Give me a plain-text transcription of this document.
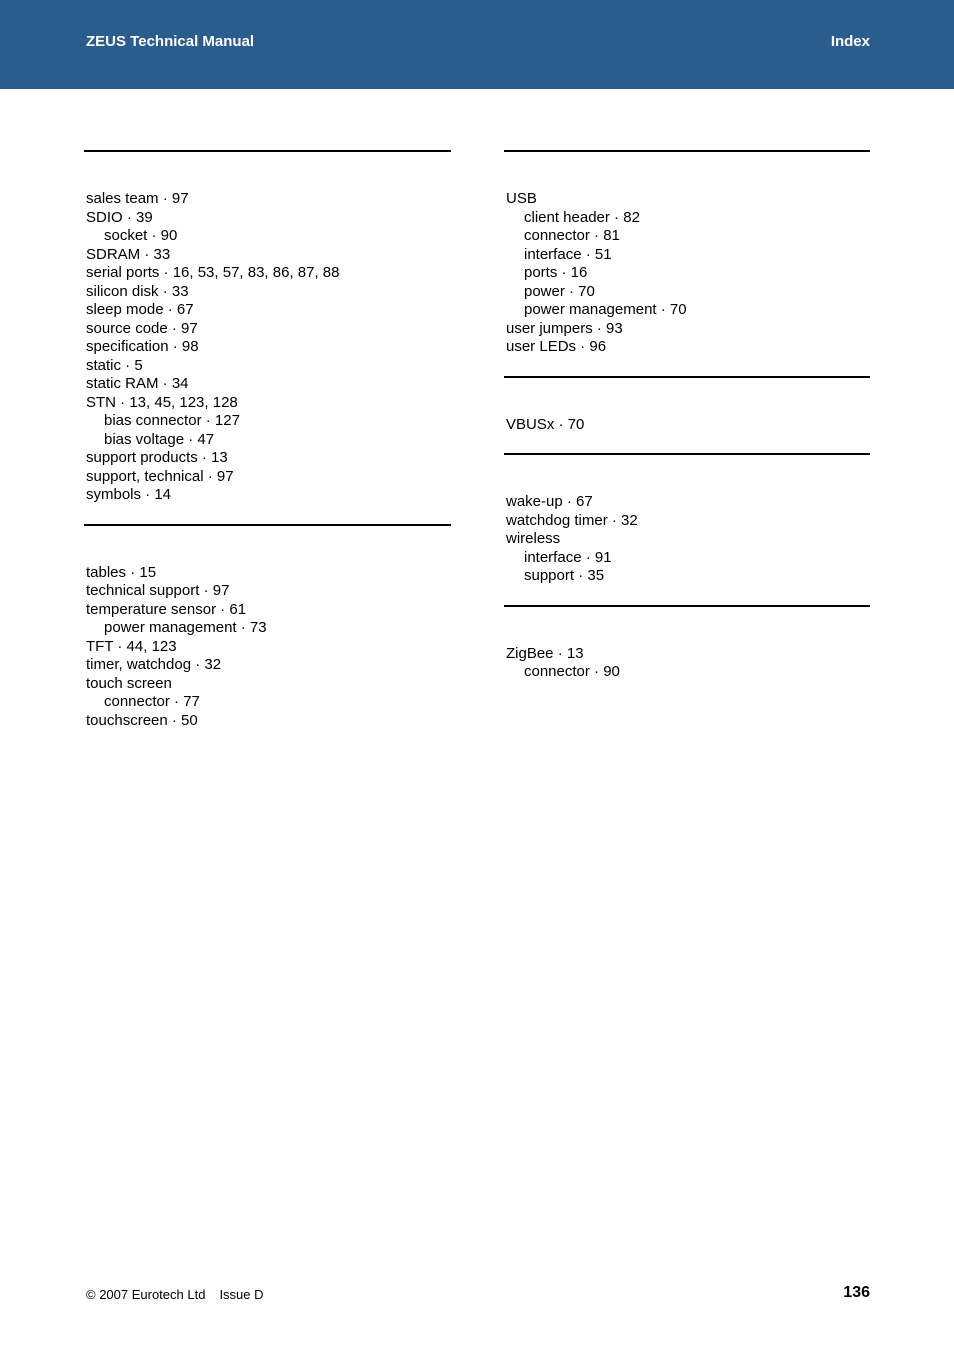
ZEUS Technical Manual	Index
sales team · 97
SDIO · 39
socket · 90
SDRAM · 33
serial ports · 16, 53, 57, 83, 86, 87, 88
silicon disk · 33
sleep mode · 67
source code · 97
specification · 98
static · 5
static RAM · 34
STN · 13, 45, 123, 128
bias connector · 127
bias voltage · 47
support products · 13
support, technical · 97
symbols · 14
tables · 15
technical support · 97
temperature sensor · 61
power management · 73
TFT · 44, 123
timer, watchdog · 32
touch screen
connector · 77
touchscreen · 50
USB
client header · 82
connector · 81
interface · 51
ports · 16
power · 70
power management · 70
user jumpers · 93
user LEDs · 96
VBUSx · 70
wake-up · 67
watchdog timer · 32
wireless
interface · 91
support · 35
ZigBee · 13
connector · 90
© 2007 Eurotech Ltd Issue D	136
